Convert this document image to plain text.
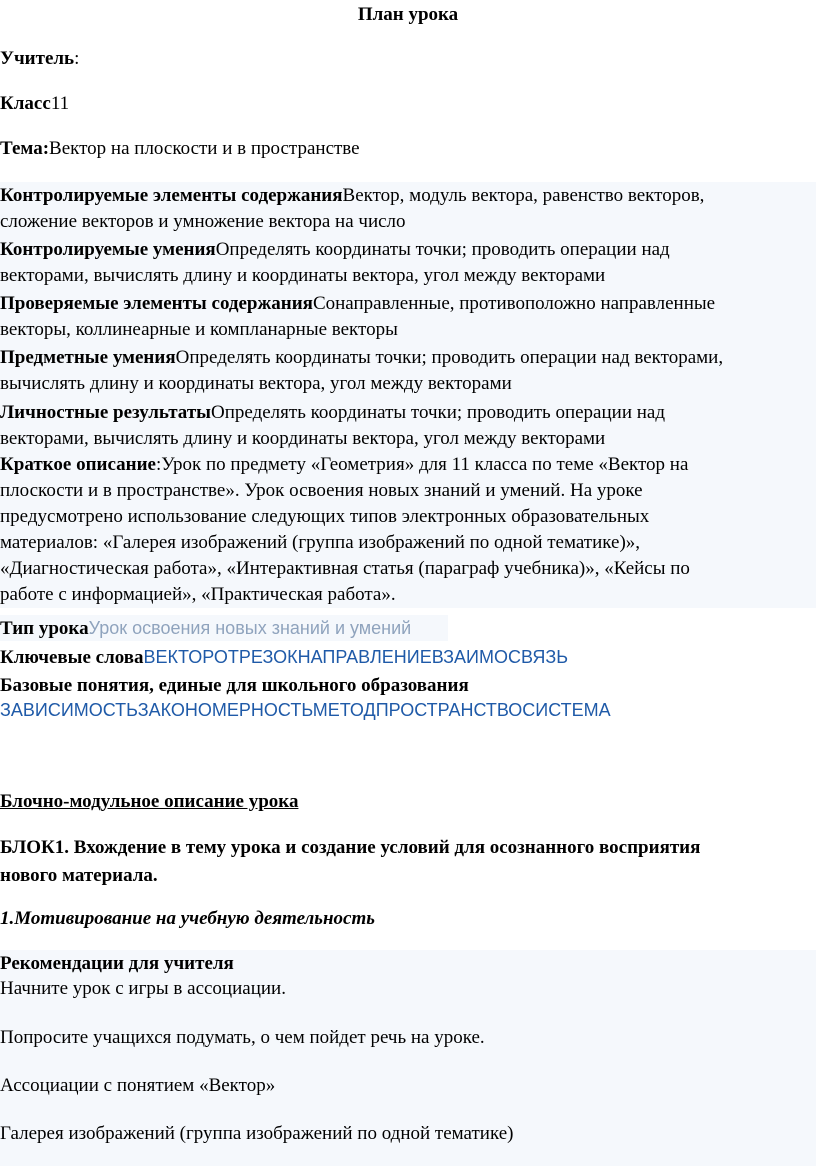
План урока
Учитель:
Класс11
Тема:Вектор на плоскости и в пространстве
Контролируемые элементы содержанияВектор, модуль вектора, равенство векторов,
сложение векторов и умножение вектора на число
Контролируемые уменияОпределять координаты точки; проводить операции над
векторами, вычислять длину и координаты вектора, угол между векторами
Проверяемые элементы содержанияСонаправленные, противоположно направленные
векторы, коллинеарные и компланарные векторы
Предметные уменияОпределять координаты точки; проводить операции над векторами,
вычислять длину и координаты вектора, угол между векторами
Личностные результатыОпределять координаты точки; проводить операции над
векторами, вычислять длину и координаты вектора, угол между векторами
Краткое описание:Урок по предмету «Геометрия» для 11 класса по теме «Вектор на
плоскости и в пространстве». Урок освоения новых знаний и умений. На уроке
предусмотрено использование следующих типов электронных образовательных
материалов: «Галерея изображений (группа изображений по одной тематике)»,
«Диагностическая работа», «Интерактивная статья (параграф учебника)», «Кейсы по
работе с информацией», «Практическая работа».
Тип урокаУрок освоения новых знаний и умений
Ключевые словаВЕКТОРОТРЕЗОКНАПРАВЛЕНИЕВЗАИМОСВЯЗЬ
Базовые понятия, единые для школьного образования
ЗАВИСИМОСТЬЗАКОНОМЕРНОСТЬМЕТОДПРОСТРАНСТВОСИСТЕМА
Блочно-модульное описание урока
БЛОК1. Вхождение в тему урока и создание условий для осознанного восприятия
нового материала.
1.Мотивирование на учебную деятельность
Рекомендации для учителя
Начните урок с игры в ассоциации.
Попросите учащихся подумать, о чем пойдет речь на уроке.
Ассоциации с понятием «Вектор»
Галерея изображений (группа изображений по одной тематике)
